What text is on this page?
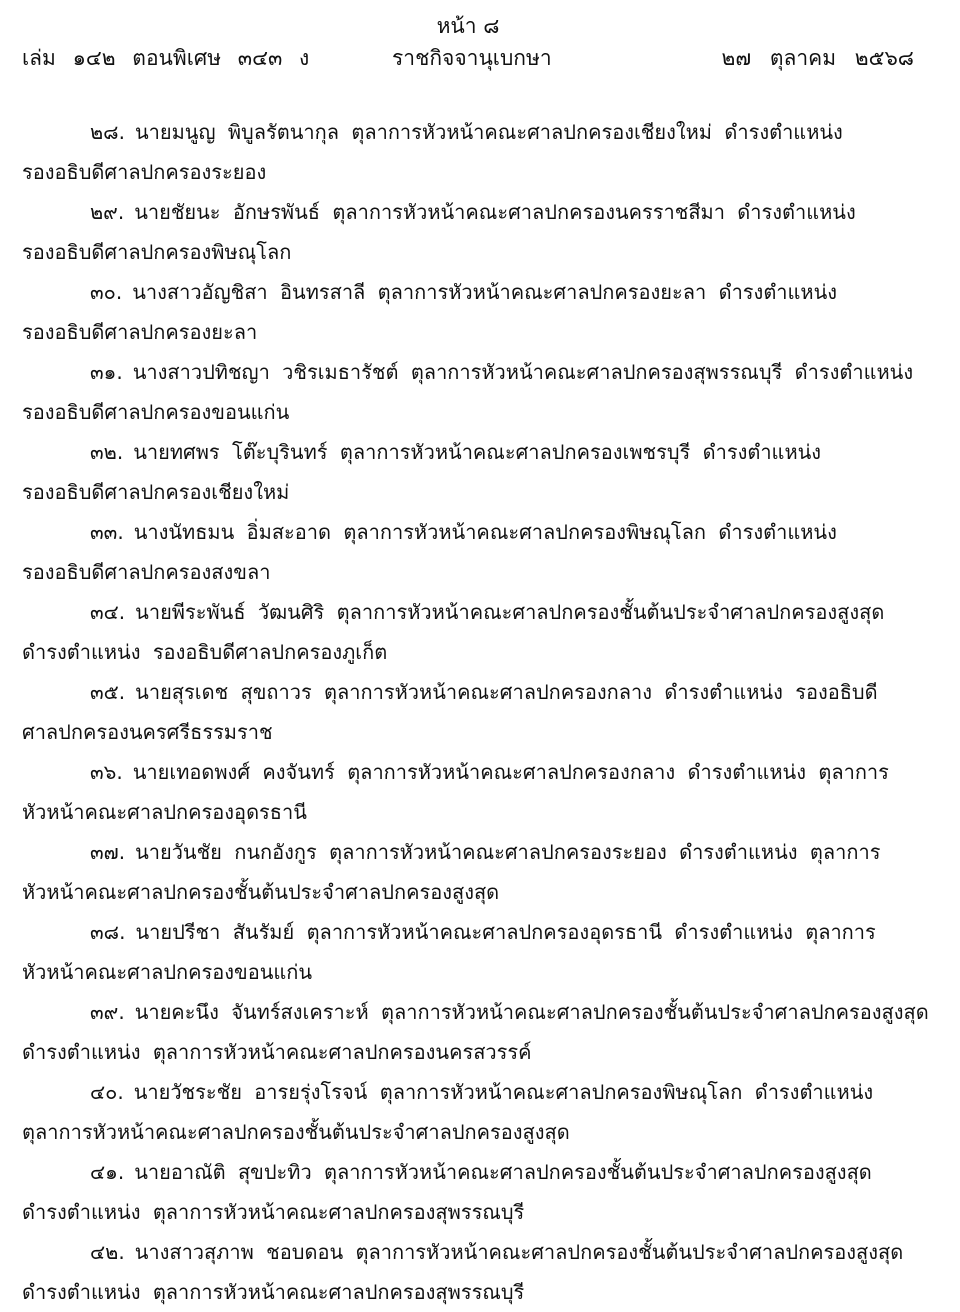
หน้า ๘
เล่ม ๑๔๒ ตอนพิเศษ ๓๔๓ ง	ราชกิจจานุเบกษา	๒๗ ตุลาคม ๒๕๖๘
๒๘. นายมนูญ พิบูลรัตนากุล ตุลาการหัวหน้าคณะศาลปกครองเชียงใหม่ ดำรงตำแหน่ง
รองอธิบดีศาลปกครองระยอง
๒๙. นายชัยนะ อักษรพันธ์ ตุลาการหัวหน้าคณะศาลปกครองนครราชสีมา ดำรงตำแหน่ง
รองอธิบดีศาลปกครองพิษณุโลก
๓๐. นางสาวอัญชิสา อินทรสาลี ตุลาการหัวหน้าคณะศาลปกครองยะลา ดำรงตำแหน่ง
รองอธิบดีศาลปกครองยะลา
๓๑. นางสาวปทิชญา วชิรเมธารัชต์ ตุลาการหัวหน้าคณะศาลปกครองสุพรรณบุรี ดำรงตำแหน่ง
รองอธิบดีศาลปกครองขอนแก่น
๓๒. นายทศพร โต๊ะบุรินทร์ ตุลาการหัวหน้าคณะศาลปกครองเพชรบุรี ดำรงตำแหน่ง
รองอธิบดีศาลปกครองเชียงใหม่
๓๓. นางนัทธมน อิ่มสะอาด ตุลาการหัวหน้าคณะศาลปกครองพิษณุโลก ดำรงตำแหน่ง
รองอธิบดีศาลปกครองสงขลา
๓๔. นายพีระพันธ์ วัฒนศิริ ตุลาการหัวหน้าคณะศาลปกครองชั้นต้นประจำศาลปกครองสูงสุด
ดำรงตำแหน่ง รองอธิบดีศาลปกครองภูเก็ต
๓๕. นายสุรเดช สุขถาวร ตุลาการหัวหน้าคณะศาลปกครองกลาง ดำรงตำแหน่ง รองอธิบดี
ศาลปกครองนครศรีธรรมราช
๓๖. นายเทอดพงศ์ คงจันทร์ ตุลาการหัวหน้าคณะศาลปกครองกลาง ดำรงตำแหน่ง ตุลาการ
หัวหน้าคณะศาลปกครองอุดรธานี
๓๗. นายวันชัย กนกอังกูร ตุลาการหัวหน้าคณะศาลปกครองระยอง ดำรงตำแหน่ง ตุลาการ
หัวหน้าคณะศาลปกครองชั้นต้นประจำศาลปกครองสูงสุด
๓๘. นายปรีชา สันรัมย์ ตุลาการหัวหน้าคณะศาลปกครองอุดรธานี ดำรงตำแหน่ง ตุลาการ
หัวหน้าคณะศาลปกครองขอนแก่น
๓๙. นายคะนึง จันทร์สงเคราะห์ ตุลาการหัวหน้าคณะศาลปกครองชั้นต้นประจำศาลปกครองสูงสุด
ดำรงตำแหน่ง ตุลาการหัวหน้าคณะศาลปกครองนครสวรรค์
๔๐. นายวัชระชัย อารยรุ่งโรจน์ ตุลาการหัวหน้าคณะศาลปกครองพิษณุโลก ดำรงตำแหน่ง
ตุลาการหัวหน้าคณะศาลปกครองชั้นต้นประจำศาลปกครองสูงสุด
๔๑. นายอาณัติ สุขปะทิว ตุลาการหัวหน้าคณะศาลปกครองชั้นต้นประจำศาลปกครองสูงสุด
ดำรงตำแหน่ง ตุลาการหัวหน้าคณะศาลปกครองสุพรรณบุรี
๔๒. นางสาวสุภาพ ชอบดอน ตุลาการหัวหน้าคณะศาลปกครองชั้นต้นประจำศาลปกครองสูงสุด
ดำรงตำแหน่ง ตุลาการหัวหน้าคณะศาลปกครองสุพรรณบุรี
